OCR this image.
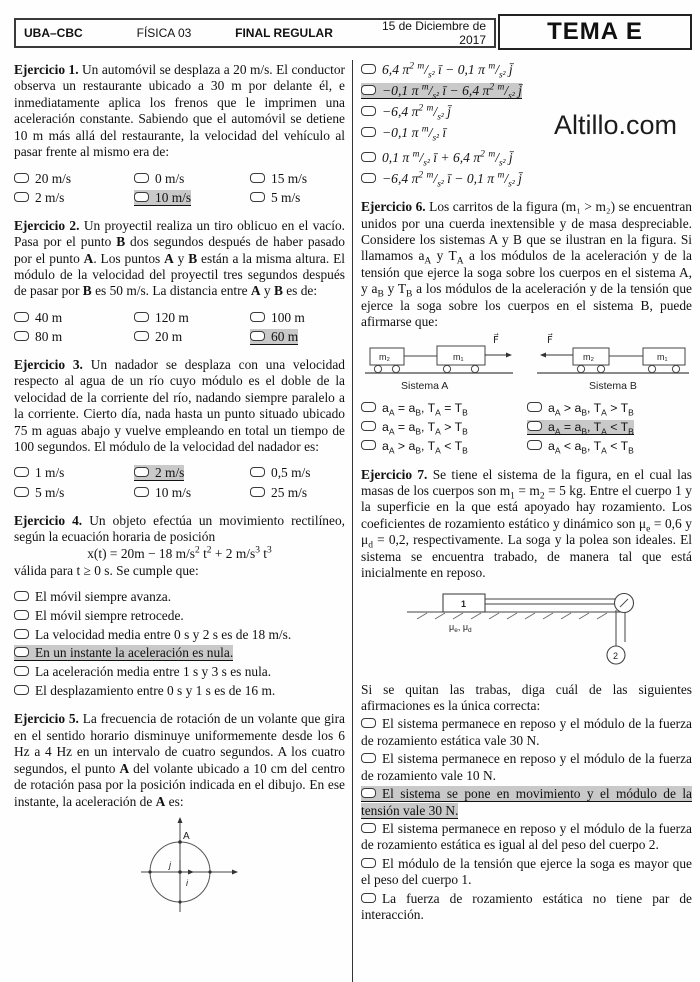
UBA–CBC	FÍSICA 03	FINAL REGULAR	15 de Diciembre de 2017	TEMA E
Altillo.com

Ejercicio 1. Un automóvil se desplaza a 20 m/s. El conductor observa un restaurante ubicado a 30 m por delante él, e inmediatamente aplica los frenos que le imprimen una aceleración constante. Sabiendo que el automóvil se detiene 10 m más allá del restaurante, la velocidad del vehículo al pasar frente al mismo era de:

20 m/s	0 m/s	15 m/s
2 m/s	10 m/s	5 m/s

Ejercicio 2. Un proyectil realiza un tiro oblicuo en el vacío. Pasa por el punto B dos segundos después de haber pasado por el punto A. Los puntos A y B están a la misma altura. El módulo de la velocidad del proyectil tres segundos después de pasar por B es 50 m/s. La distancia entre A y B es de:

40 m	120 m	100 m
80 m	20 m	60 m

Ejercicio 3. Un nadador se desplaza con una velocidad respecto al agua de un río cuyo módulo es el doble de la velocidad de la corriente del río, nadando siempre paralelo a la corriente. Cierto día, nada hasta un punto situado ubicado 75 m aguas abajo y vuelve empleando en total un tiempo de 100 segundos. El módulo de la velocidad del nadador es:

1 m/s	2 m/s	0,5 m/s
5 m/s	10 m/s	25 m/s

Ejercicio 4. Un objeto efectúa un movimiento rectilíneo, según la ecuación horaria de posición

x(t) = 20m − 18 $m/s^2$ $t^2 + 2$ $m/s^3$ $t^3$

válida para t ≥ 0 s. Se cumple que:

El móvil siempre avanza.
El móvil siempre retrocede.
La velocidad media entre 0 s y 2 s es de 18 m/s.
En un instante la aceleración es nula.
La aceleración media entre 1 s y 3 s es nula.
El desplazamiento entre 0 s y 1 s es de 16 m.

Ejercicio 5. La frecuencia de rotación de un volante que gira en el sentido horario disminuye uniformemente desde los 6 Hz a 4 Hz en un intervalo de cuatro segundos. A los cuatro segundos, el punto A del volante ubicado a 10 cm del centro de rotación pasa por la posición indicada en el dibujo. En ese instante, la aceleración de A es:

A
j
i
6,4 $\pi^2$ $^m/_{s^2}$ ī − 0,1 π $^m/_{s^2}$ j̄
−0,1 π $^m/_{s^2}$ ī − 6,4 $\pi^2$ $^m/_{s^2}$ j̄
−6,4 $\pi^2$ $^m/_{s^2}$ j̄
−0,1 π $^m/_{s^2}$ ī
0,1 π $^m/_{s^2}$ ī + 6,4 $\pi^2$ $^m/_{s^2}$ j̄
−6,4 $\pi^2$ $^m/_{s^2}$ ī − 0,1 π $^m/_{s^2}$ j̄

Ejercicio 6. Los carritos de la figura (m₁ > m₂) se encuentran unidos por una cuerda inextensible y de masa despreciable. Considere los sistemas A y B que se ilustran en la figura. Si llamamos $a_A$ y $T_A$ a los módulos de la aceleración y de la tensión que ejerce la soga sobre los cuerpos en el sistema A, y $a_B$ y $T_B$ a los módulos de la aceleración y de la tensión que ejerce la soga sobre los cuerpos en el sistema B, puede afirmarse que:

F⃗
m₂	m₁
Sistema A
F⃗
m₂	m₁
Sistema B
$a_A = a_B$, $T_A = T_B$	$a_A > a_B$, $T_A > T_B$
$a_A = a_B$, $T_A > T_B$	$a_A = a_B$, $T_A < T_B$
$a_A > a_B$, $T_A < T_B$	$a_A < a_B$, $T_A < T_B$

Ejercicio 7. Se tiene el sistema de la figura, en el cual las masas de los cuerpos son $m_1 = m_2 = 5$ kg. Entre el cuerpo 1 y la superficie en la que está apoyado hay rozamiento. Los coeficientes de rozamiento estático y dinámico son $\mu_e = 0,6$ y $\mu_d = 0,2$, respectivamente. La soga y la polea son ideales. El sistema se encuentra trabado, de manera tal que está inicialmente en reposo.

1
2
$\mu_e$, $\mu_d$

Si se quitan las trabas, diga cuál de las siguientes afirmaciones es la única correcta:

El sistema permanece en reposo y el módulo de la fuerza de rozamiento estática vale 30 N.
El sistema permanece en reposo y el módulo de la fuerza de rozamiento vale 10 N.
El sistema se pone en movimiento y el módulo de la tensión vale 30 N.
El sistema permanece en reposo y el módulo de la fuerza de rozamiento estática es igual al del peso del cuerpo 2.
El módulo de la tensión que ejerce la soga es mayor que el peso del cuerpo 1.
La fuerza de rozamiento estática no tiene par de interacción.
